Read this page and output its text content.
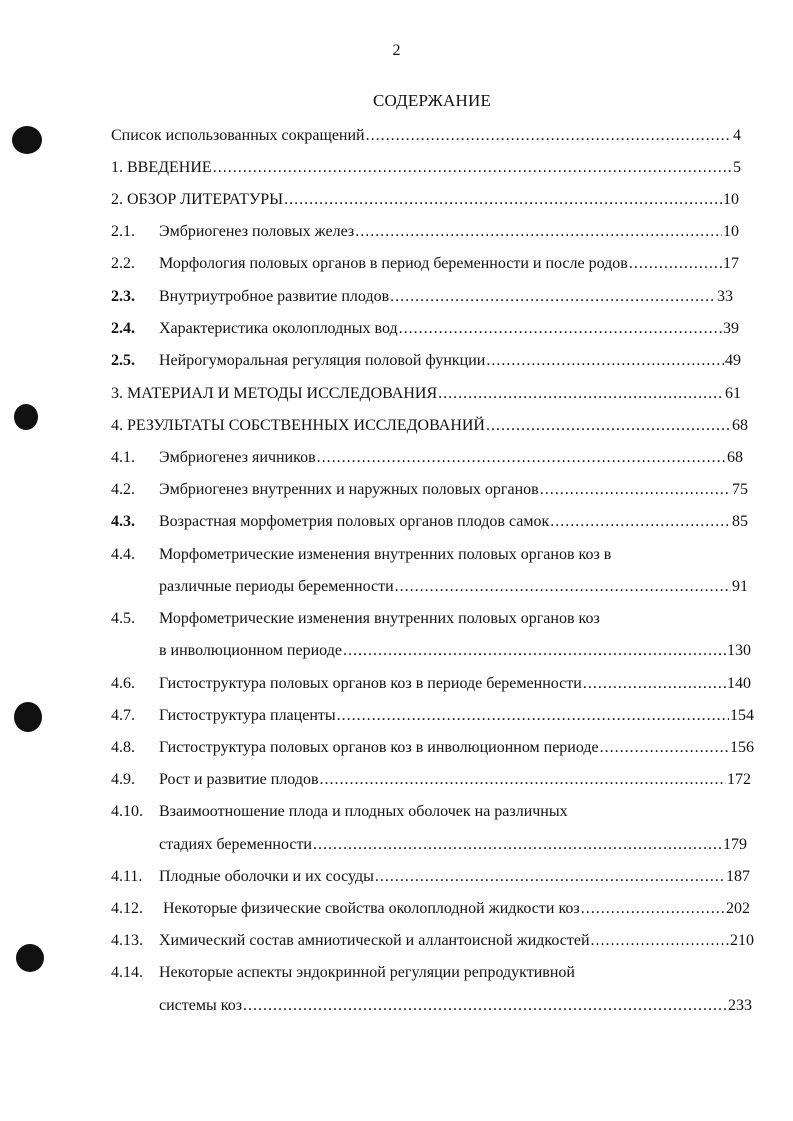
2
СОДЕРЖАНИЕ
Список использованных сокращений .....	4
1. ВВЕДЕНИЕ .....	5
2. ОБЗОР ЛИТЕРАТУРЫ .....	10
2.1. Эмбриогенез половых желез .....	10
2.2. Морфология половых органов в период беременности и после родов .....	17
2.3. Внутриутробное развитие плодов .....	33
2.4. Характеристика околоплодных вод .....	39
2.5. Нейрогуморальная регуляция половой функции .....	49
3. МАТЕРИАЛ И МЕТОДЫ ИССЛЕДОВАНИЯ .....	61
4. РЕЗУЛЬТАТЫ СОБСТВЕННЫХ ИССЛЕДОВАНИЙ .....	68
4.1. Эмбриогенез яичников .....	68
4.2. Эмбриогенез внутренних и наружных половых органов .....	75
4.3. Возрастная морфометрия половых органов плодов самок .....	85
4.4. Морфометрические изменения внутренних половых органов коз в
различные периоды беременности .....	91
4.5. Морфометрические изменения внутренних половых органов коз
в инволюционном периоде .....	130
4.6. Гистоструктура половых органов коз в периоде беременности .....	140
4.7. Гистоструктура плаценты .....	154
4.8. Гистоструктура половых органов коз в инволюционном периоде .....	156
4.9. Рост и развитие плодов .....	172
4.10. Взаимоотношение плода и плодных оболочек на различных
стадиях беременности .....	179
4.11. Плодные оболочки и их сосуды .....	187
4.12. Некоторые физические свойства околоплодной жидкости коз .....	202
4.13. Химический состав амниотической и аллантоисной жидкостей .....	210
4.14. Некоторые аспекты эндокринной регуляции репродуктивной
системы коз .....	233
